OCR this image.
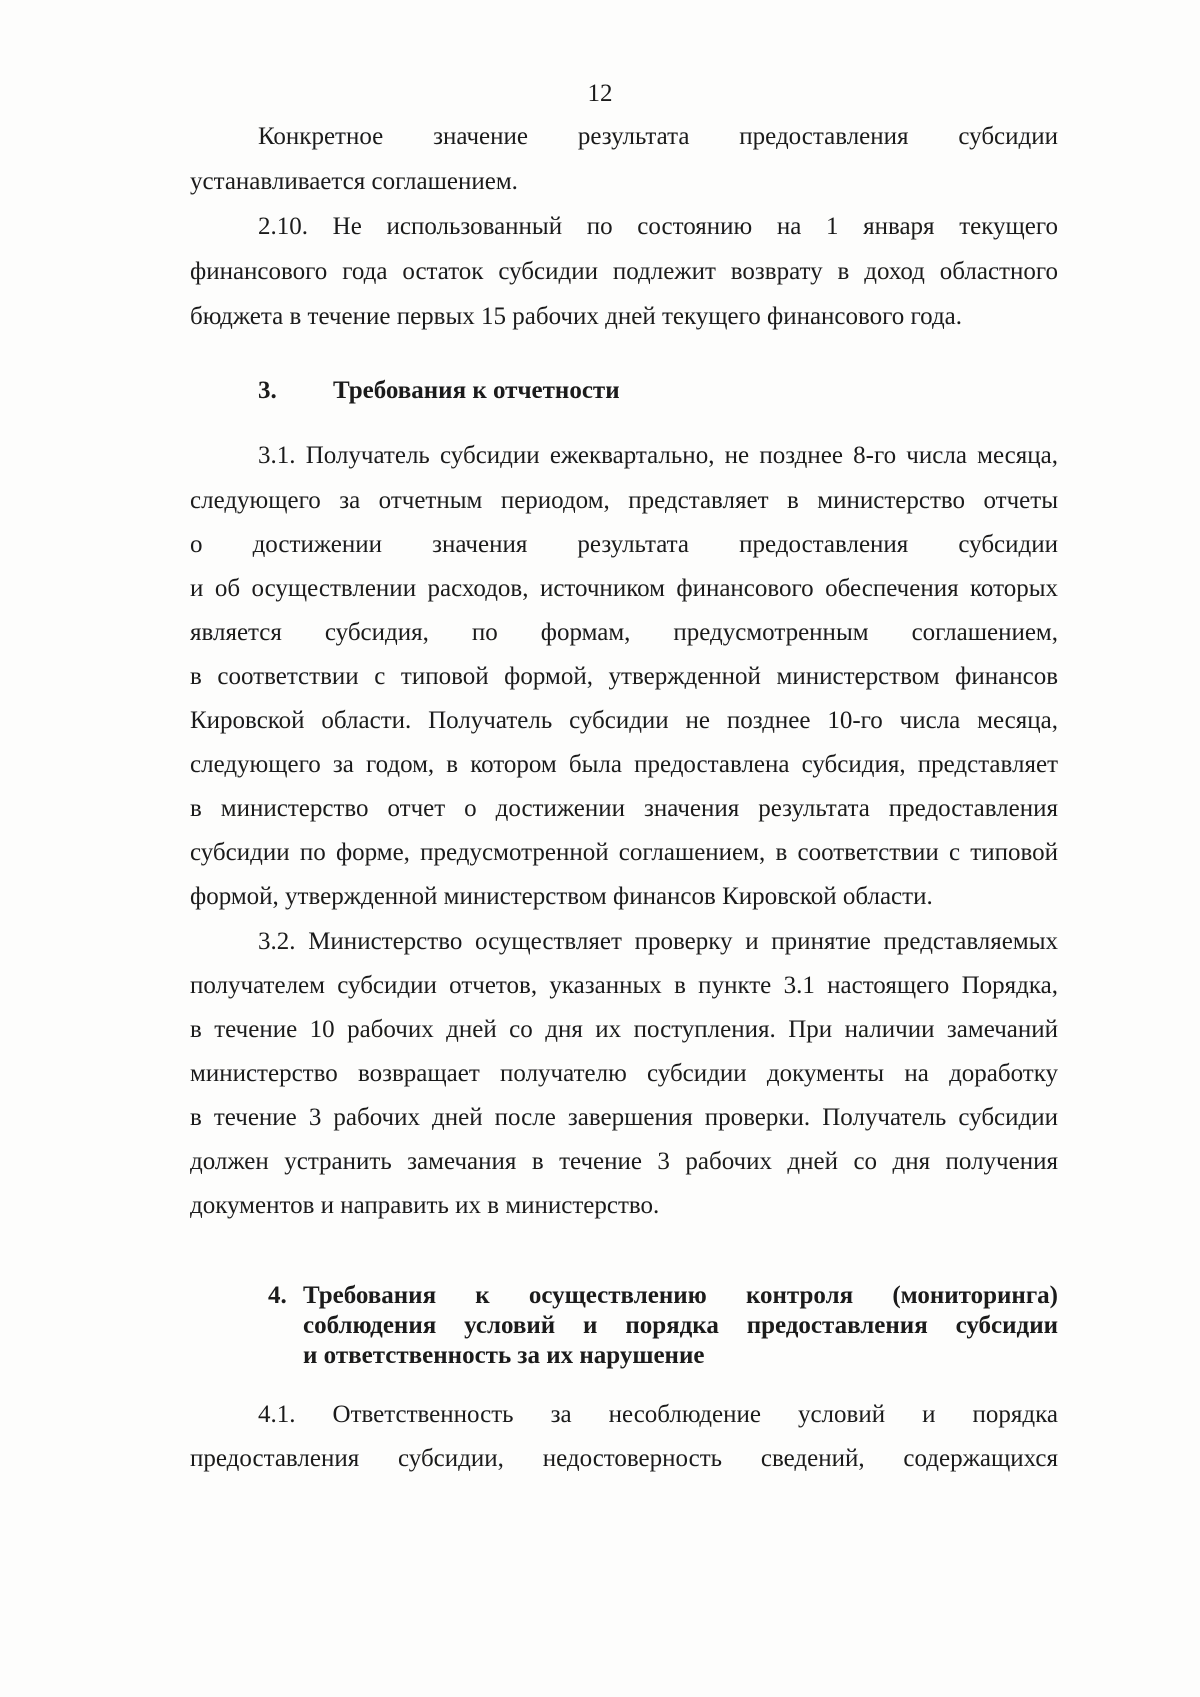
12
Конкретное значение результата предоставления субсидии
устанавливается соглашением.
2.10. Не использованный по состоянию на 1 января текущего
финансового года остаток субсидии подлежит возврату в доход областного
бюджета в течение первых 15 рабочих дней текущего финансового года.
3. Требования к отчетности
3.1. Получатель субсидии ежеквартально, не позднее 8-го числа месяца,
следующего за отчетным периодом, представляет в министерство отчеты
о достижении значения результата предоставления субсидии
и об осуществлении расходов, источником финансового обеспечения которых
является субсидия, по формам, предусмотренным соглашением,
в соответствии с типовой формой, утвержденной министерством финансов
Кировской области. Получатель субсидии не позднее 10-го числа месяца,
следующего за годом, в котором была предоставлена субсидия, представляет
в министерство отчет о достижении значения результата предоставления
субсидии по форме, предусмотренной соглашением, в соответствии с типовой
формой, утвержденной министерством финансов Кировской области.
3.2. Министерство осуществляет проверку и принятие представляемых
получателем субсидии отчетов, указанных в пункте 3.1 настоящего Порядка,
в течение 10 рабочих дней со дня их поступления. При наличии замечаний
министерство возвращает получателю субсидии документы на доработку
в течение 3 рабочих дней после завершения проверки. Получатель субсидии
должен устранить замечания в течение 3 рабочих дней со дня получения
документов и направить их в министерство.
4. Требования к осуществлению контроля (мониторинга)
соблюдения условий и порядка предоставления субсидии
и ответственность за их нарушение
4.1. Ответственность за несоблюдение условий и порядка
предоставления субсидии, недостоверность сведений, содержащихся
